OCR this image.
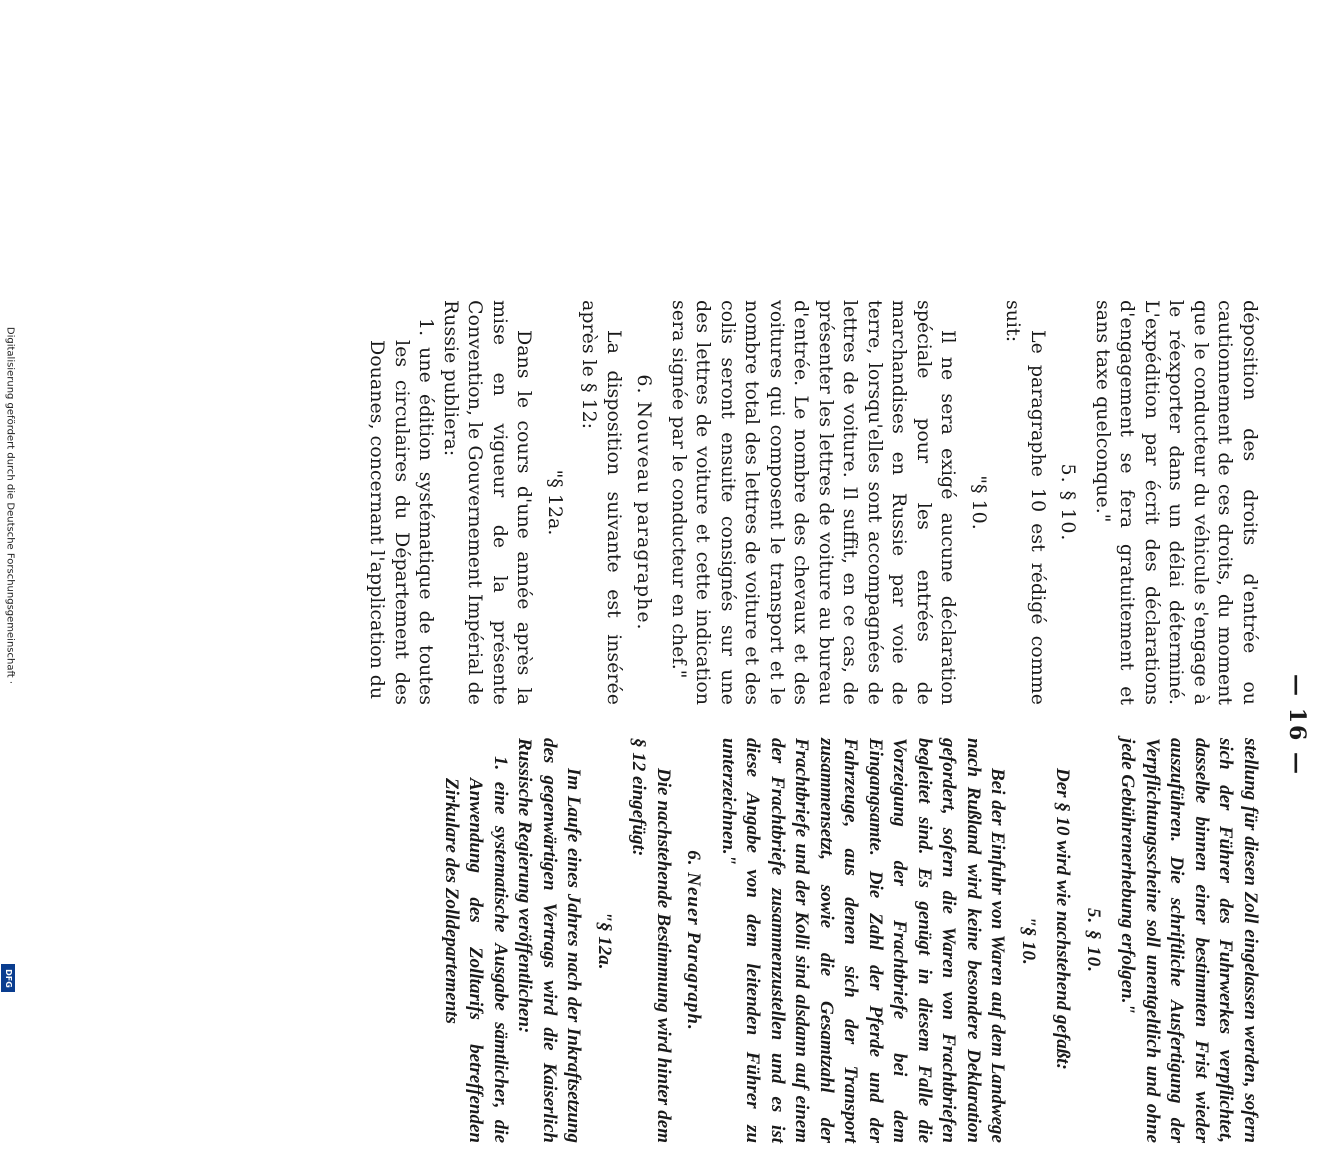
— 16 —

déposition des droits d'entrée ou cautionnement de ces droits, du moment que le conducteur du véhicule s'engage à le réexporter dans un délai déterminé. L'expédition par écrit des déclarations d'engagement se fera gratuitement et sans taxe quelconque."

5. § 10.

Le paragraphe 10 est rédigé comme suit:

"§ 10.

Il ne sera exigé aucune déclaration spéciale pour les entrées de marchandises en Russie par voie de terre, lorsqu'elles sont accompagnées de lettres de voiture. Il suffit, en ce cas, de présenter les lettres de voiture au bureau d'entrée. Le nombre des chevaux et des voitures qui composent le transport et le nombre total des lettres de voiture et des colis seront ensuite consignés sur une des lettres de voiture et cette indication sera signée par le conducteur en chef."

6. Nouveau paragraphe.

La disposition suivante est insérée après le § 12:

"§ 12a.

Dans le cours d'une année après la mise en vigueur de la présente Convention, le Gouvernement Impérial de Russie publiera:

1. une édition systématique de toutes les circulaires du Département des Douanes, concernant l'application du

stellung für diesen Zoll eingelassen werden, sofern sich der Führer des Fuhrwerkes verpflichtet, dasselbe binnen einer bestimmten Frist wieder auszuführen. Die schriftliche Ausfertigung der Verpflichtungsscheine soll unentgeltlich und ohne jede Gebührenerhebung erfolgen."

5. § 10.

Der § 10 wird wie nachstehend gefaßt:

"§ 10.

Bei der Einfuhr von Waren auf dem Landwege nach Rußland wird keine besondere Deklaration gefordert, sofern die Waren von Frachtbriefen begleitet sind. Es genügt in diesem Falle die Vorzeigung der Frachtbriefe bei dem Eingangsamte. Die Zahl der Pferde und der Fahrzeuge, aus denen sich der Transport zusammensetzt, sowie die Gesamtzahl der Frachtbriefe und der Kolli sind alsdann auf einem der Frachtbriefe zusammenzustellen und es ist diese Angabe von dem leitenden Führer zu unterzeichnen."

6. Neuer Paragraph.

Die nachstehende Bestimmung wird hinter dem § 12 eingefügt:

"§ 12a.

Im Laufe eines Jahres nach der Inkraftsetzung des gegenwärtigen Vertrags wird die Kaiserlich Russische Regierung veröffentlichen:

1. eine systematische Ausgabe sämtlicher, die Anwendung des Zolltarifs betreffenden Zirkulare des Zolldepartements

Digitalisierung gefördert durch die Deutsche Forschungsgemeinschaft ·
DFG
